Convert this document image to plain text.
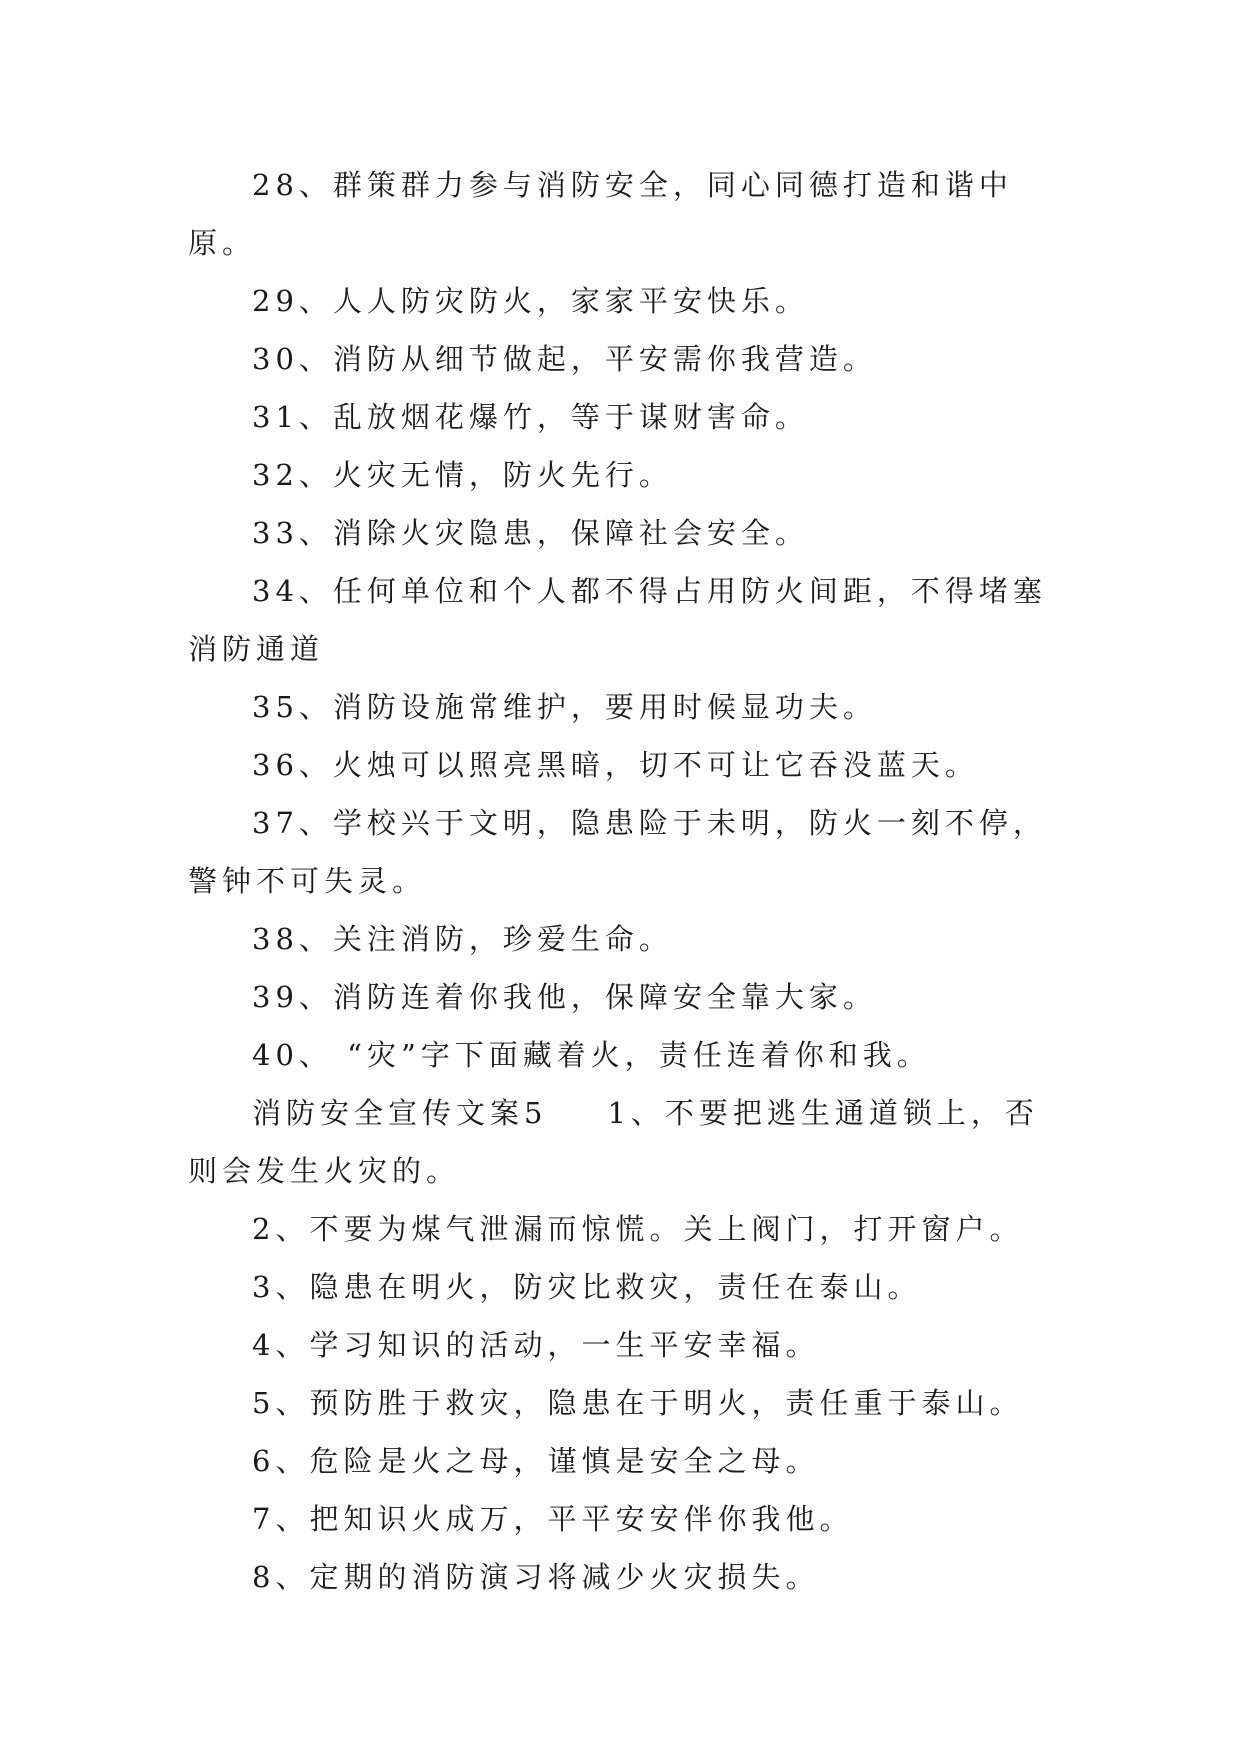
28、群策群力参与消防安全，同心同德打造和谐中原。

29、人人防灾防火，家家平安快乐。

30、消防从细节做起，平安需你我营造。

31、乱放烟花爆竹，等于谋财害命。

32、火灾无情，防火先行。

33、消除火灾隐患，保障社会安全。

34、任何单位和个人都不得占用防火间距，不得堵塞消防通道

35、消防设施常维护，要用时候显功夫。

36、火烛可以照亮黑暗，切不可让它吞没蓝天。

37、学校兴于文明，隐患险于未明，防火一刻不停，警钟不可失灵。

38、关注消防，珍爱生命。

39、消防连着你我他，保障安全靠大家。

40、 “灾”字下面藏着火，责任连着你和我。

消防安全宣传文案5 1、不要把逃生通道锁上，否则会发生火灾的。

2、不要为煤气泄漏而惊慌。关上阀门，打开窗户。

3、隐患在明火，防灾比救灾，责任在泰山。

4、学习知识的活动，一生平安幸福。

5、预防胜于救灾，隐患在于明火，责任重于泰山。

6、危险是火之母，谨慎是安全之母。

7、把知识火成万，平平安安伴你我他。

8、定期的消防演习将减少火灾损失。
